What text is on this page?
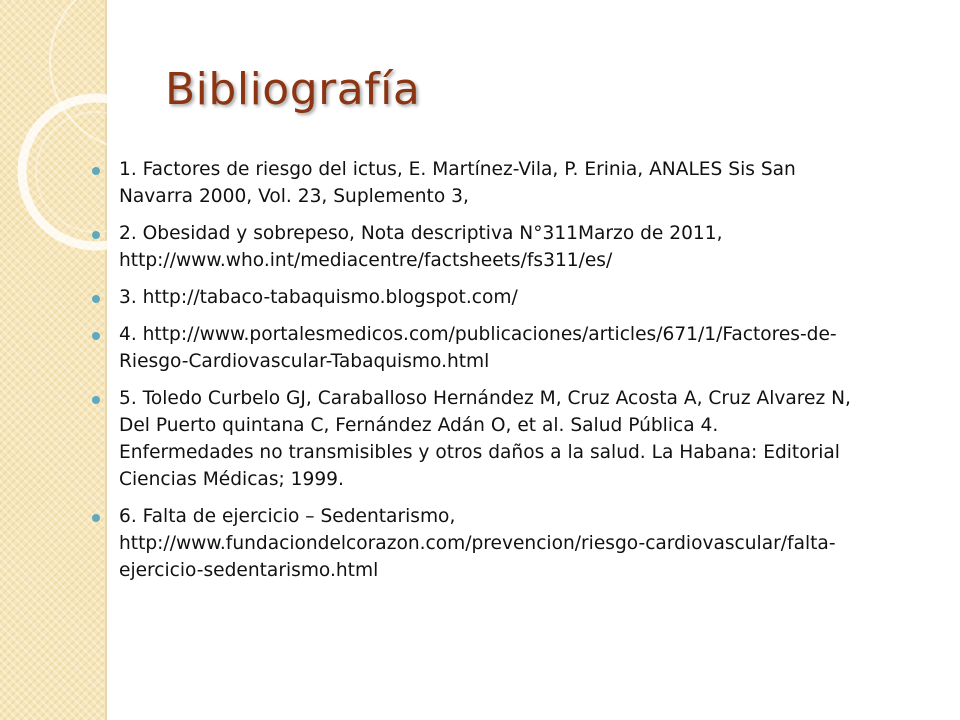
Bibliografía
1. Factores de riesgo del ictus, E. Martínez-Vila, P. Erinia, ANALES Sis San Navarra 2000, Vol. 23, Suplemento 3,
2. Obesidad y sobrepeso, Nota descriptiva N°311Marzo de 2011, http://www.who.int/mediacentre/factsheets/fs311/es/
3. http://tabaco-tabaquismo.blogspot.com/
4. http://www.portalesmedicos.com/publicaciones/articles/671/1/Factores-de-Riesgo-Cardiovascular-Tabaquismo.html
5. Toledo Curbelo GJ, Caraballoso Hernández M, Cruz Acosta A, Cruz Alvarez N, Del Puerto quintana C, Fernández Adán O, et al. Salud Pública 4. Enfermedades no transmisibles y otros daños a la salud. La Habana: Editorial Ciencias Médicas; 1999.
6. Falta de ejercicio – Sedentarismo, http://www.fundaciondelcorazon.com/prevencion/riesgo-cardiovascular/falta-ejercicio-sedentarismo.html
